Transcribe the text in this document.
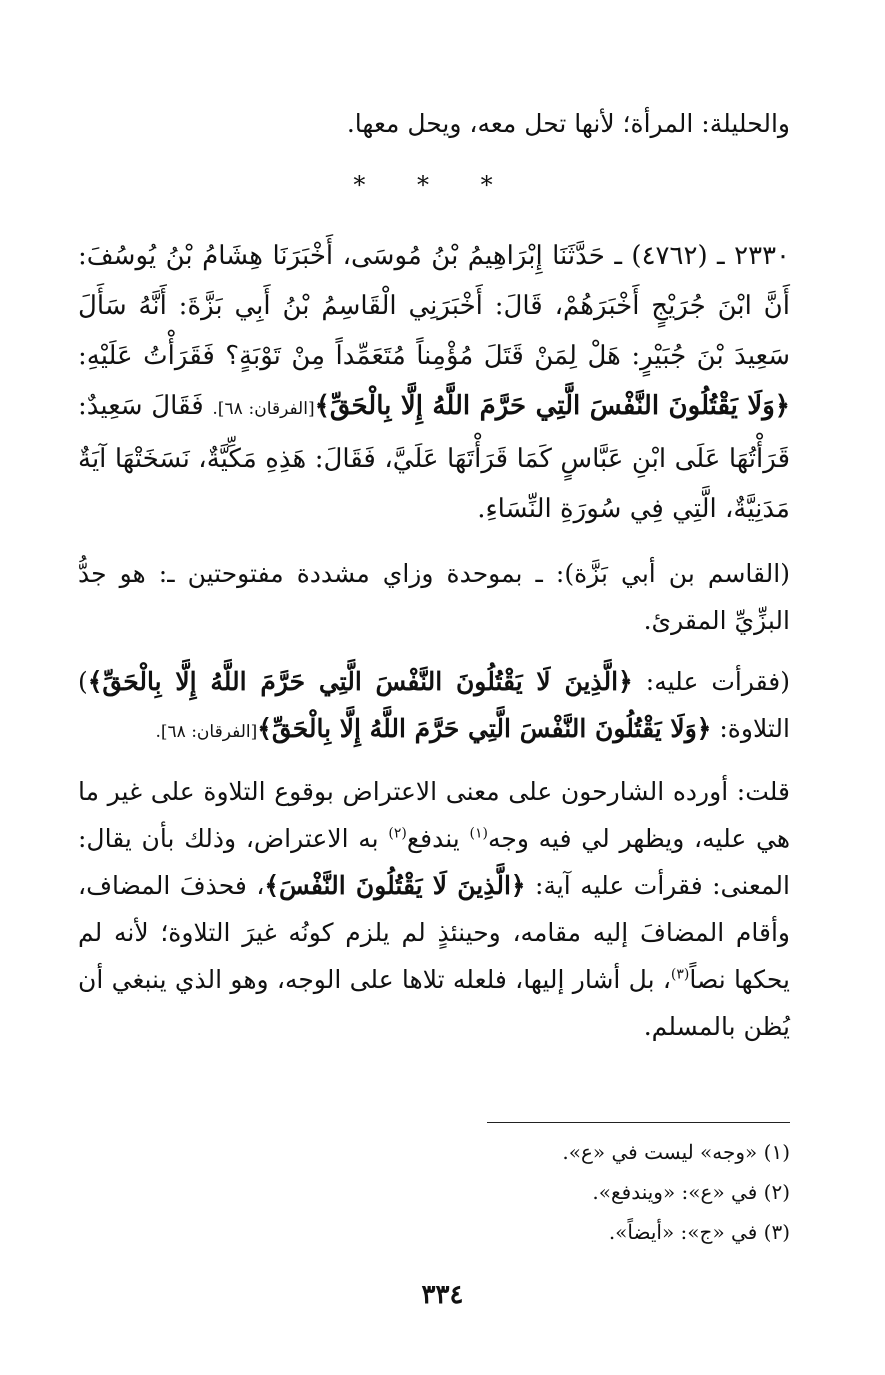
والحليلة: المرأة؛ لأنها تحل معه، ويحل معها.

* * *

٢٣٣٠ ـ (٤٧٦٢) ـ حَدَّثَنَا إِبْرَاهِيمُ بْنُ مُوسَى، أَخْبَرَنَا هِشَامُ بْنُ يُوسُفَ: أَنَّ ابْنَ جُرَيْجٍ أَخْبَرَهُمْ، قَالَ: أَخْبَرَنِي الْقَاسِمُ بْنُ أَبِي بَزَّةَ: أَنَّهُ سَأَلَ سَعِيدَ بْنَ جُبَيْرٍ: هَلْ لِمَنْ قَتَلَ مُؤْمِناً مُتَعَمِّداً مِنْ تَوْبَةٍ؟ فَقَرَأْتُ عَلَيْهِ: ﴿وَلَا يَقْتُلُونَ النَّفْسَ الَّتِي حَرَّمَ اللَّهُ إِلَّا بِالْحَقِّ﴾[الفرقان: ٦٨]. فَقَالَ سَعِيدٌ: قَرَأْتُهَا عَلَى ابْنِ عَبَّاسٍ كَمَا قَرَأْتَهَا عَلَيَّ، فَقَالَ: هَذِهِ مَكِّيَّةٌ، نَسَخَتْهَا آيَةٌ مَدَنِيَّةٌ، الَّتِي فِي سُورَةِ النِّسَاءِ.

(القاسم بن أبي بَزَّة): ـ بموحدة وزاي مشددة مفتوحتين ـ: هو جدُّ البزِّيِّ المقرئ.

(فقرأت عليه: ﴿الَّذِينَ لَا يَقْتُلُونَ النَّفْسَ الَّتِي حَرَّمَ اللَّهُ إِلَّا بِالْحَقِّ﴾) التلاوة: ﴿وَلَا يَقْتُلُونَ النَّفْسَ الَّتِي حَرَّمَ اللَّهُ إِلَّا بِالْحَقِّ﴾[الفرقان: ٦٨].

قلت: أورده الشارحون على معنى الاعتراض بوقوع التلاوة على غير ما هي عليه، ويظهر لي فيه وجه$^{(١)}$ يندفع$^{(٢)}$ به الاعتراض، وذلك بأن يقال: المعنى: فقرأت عليه آية: ﴿الَّذِينَ لَا يَقْتُلُونَ النَّفْسَ﴾، فحذفَ المضاف، وأقام المضافَ إليه مقامه، وحينئذٍ لم يلزم كونُه غيرَ التلاوة؛ لأنه لم يحكها نصاً$^{(٣)}$، بل أشار إليها، فلعله تلاها على الوجه، وهو الذي ينبغي أن يُظن بالمسلم.

(١) «وجه» ليست في «ع».

(٢) في «ع»: «ويندفع».

(٣) في «ج»: «أيضاً».

٣٣٤
